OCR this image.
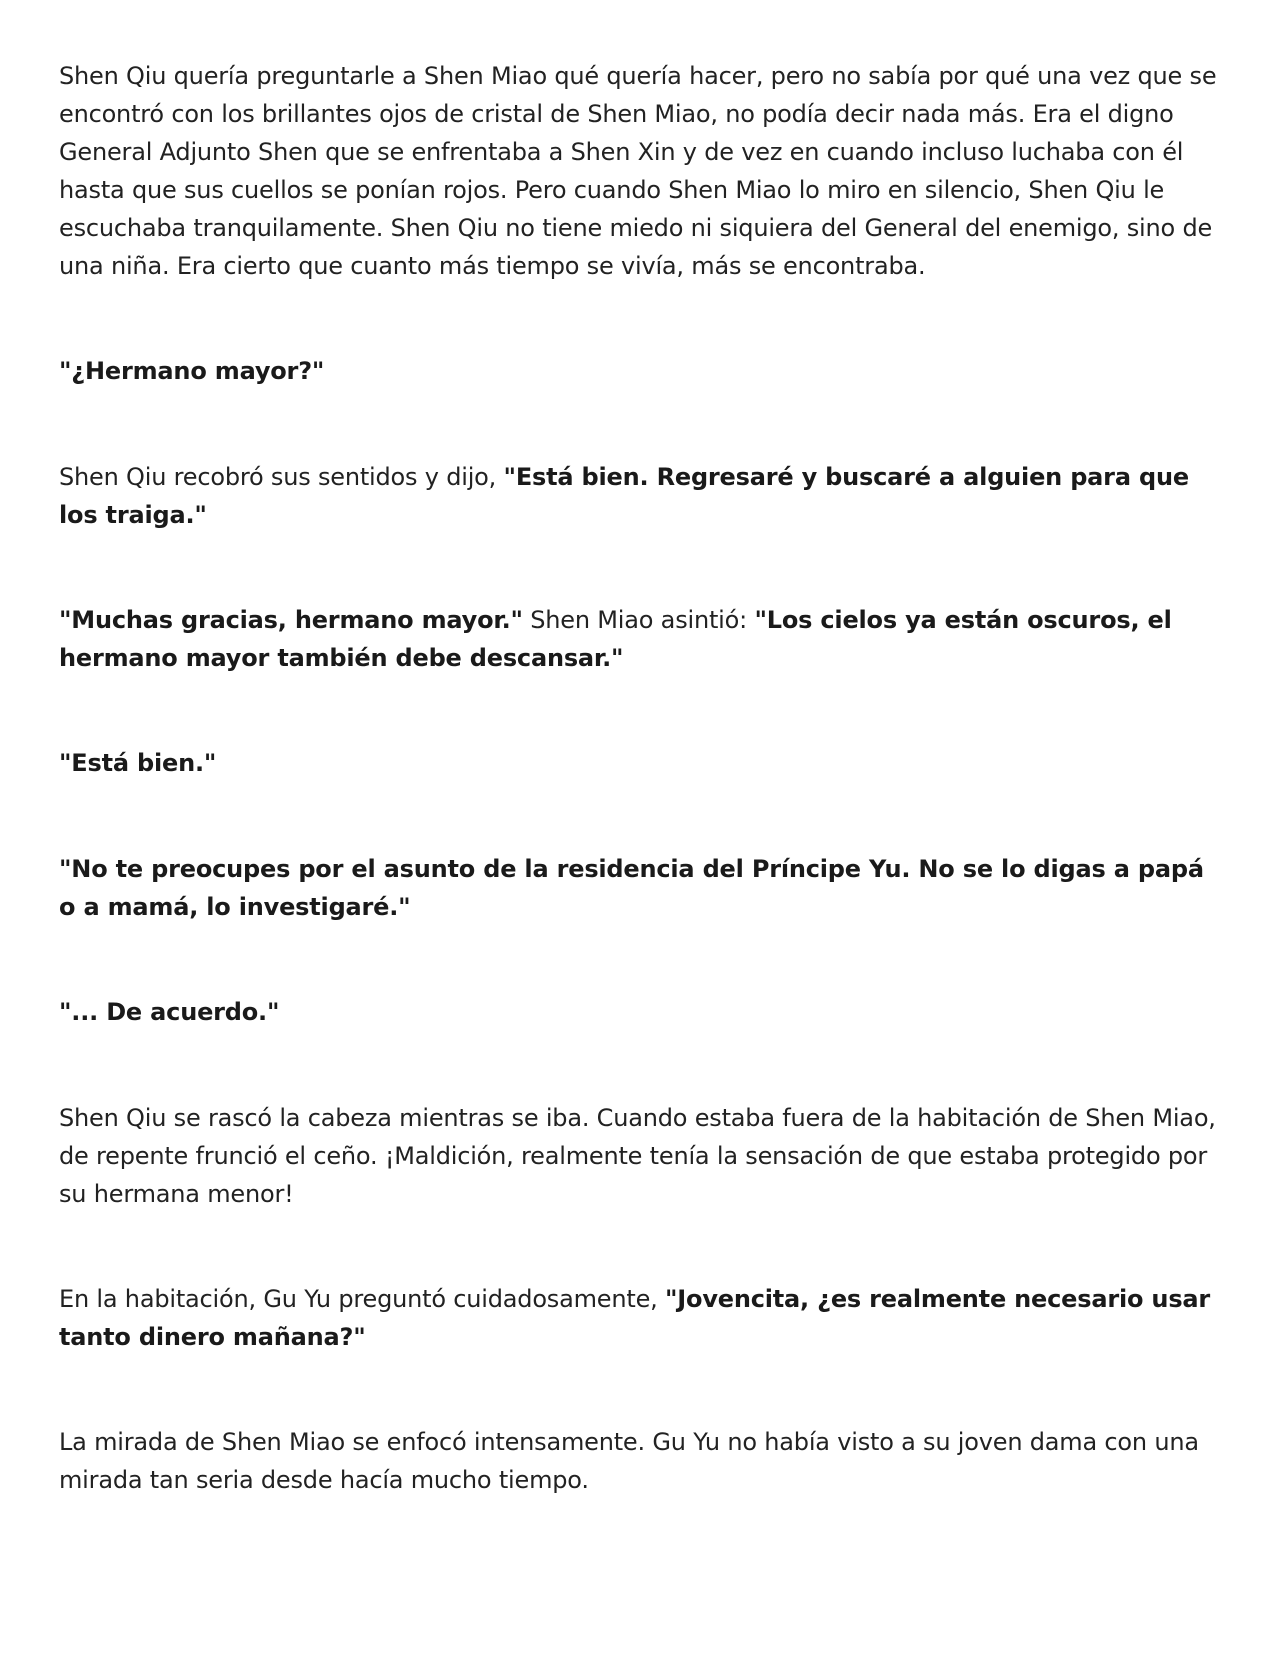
Shen Qiu quería preguntarle a Shen Miao qué quería hacer, pero no sabía por qué una vez que se encontró con los brillantes ojos de cristal de Shen Miao, no podía decir nada más. Era el digno General Adjunto Shen que se enfrentaba a Shen Xin y de vez en cuando incluso luchaba con él hasta que sus cuellos se ponían rojos. Pero cuando Shen Miao lo miro en silencio, Shen Qiu le escuchaba tranquilamente. Shen Qiu no tiene miedo ni siquiera del General del enemigo, sino de una niña. Era cierto que cuanto más tiempo se vivía, más se encontraba.

"¿Hermano mayor?"

Shen Qiu recobró sus sentidos y dijo, "Está bien. Regresaré y buscaré a alguien para que los traiga."

"Muchas gracias, hermano mayor." Shen Miao asintió: "Los cielos ya están oscuros, el hermano mayor también debe descansar."

"Está bien."

"No te preocupes por el asunto de la residencia del Príncipe Yu. No se lo digas a papá o a mamá, lo investigaré."

"... De acuerdo."

Shen Qiu se rascó la cabeza mientras se iba. Cuando estaba fuera de la habitación de Shen Miao, de repente frunció el ceño. ¡Maldición, realmente tenía la sensación de que estaba protegido por su hermana menor!

En la habitación, Gu Yu preguntó cuidadosamente, "Jovencita, ¿es realmente necesario usar tanto dinero mañana?"

La mirada de Shen Miao se enfocó intensamente. Gu Yu no había visto a su joven dama con una mirada tan seria desde hacía mucho tiempo.
